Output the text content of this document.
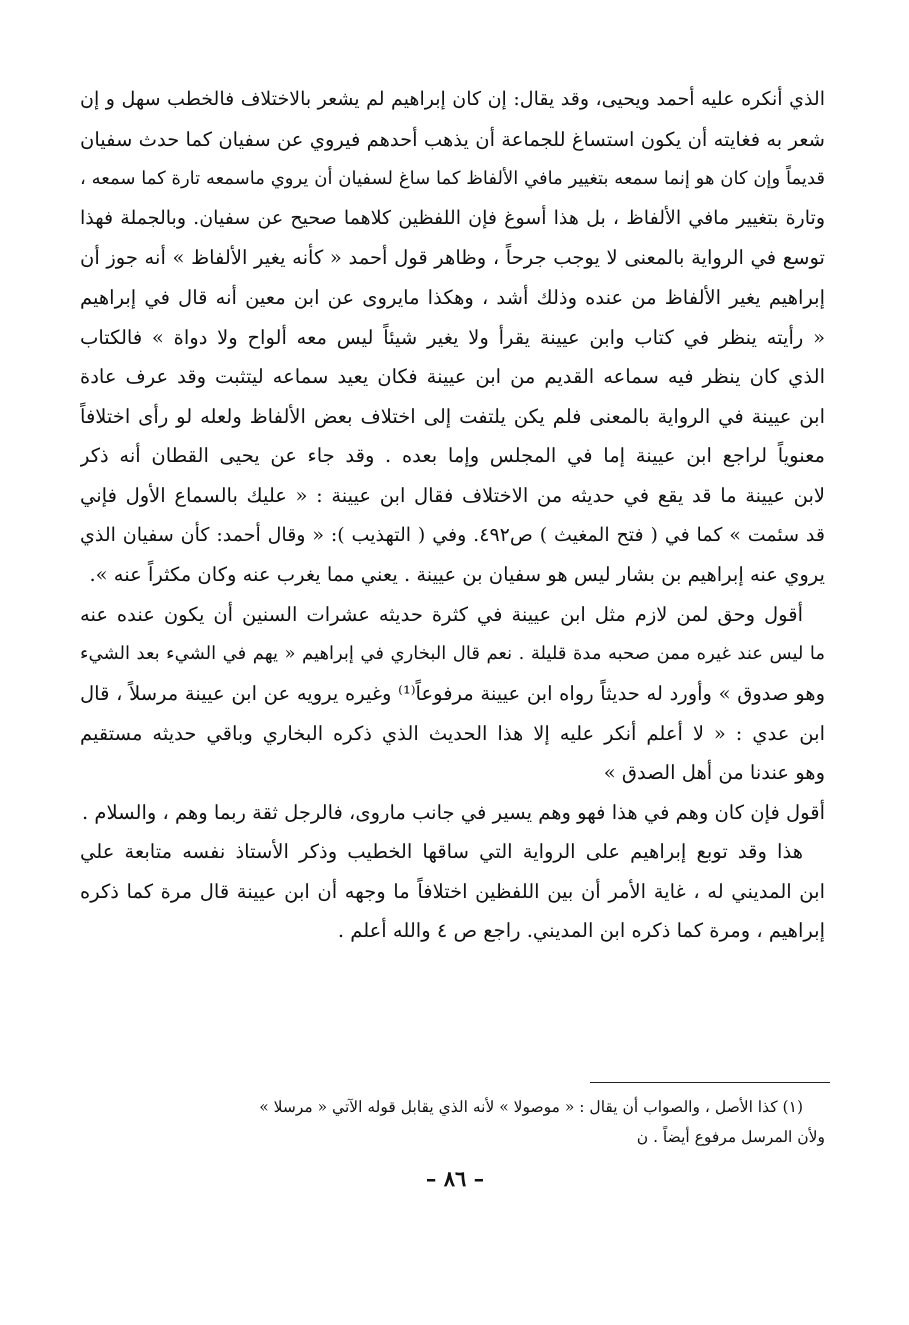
الذي أنكره عليه أحمد ويحيى، وقد يقال: إن كان إبراهيم لم يشعر بالاختلاف فالخطب سهل و إن
شعر به فغايته أن يكون استساغ للجماعة أن يذهب أحدهم فيروي عن سفيان كما حدث سفيان
قديماً وإن كان هو إنما سمعه بتغيير مافي الألفاظ كما ساغ لسفيان أن يروي ماسمعه تارة كما سمعه ،
وتارة بتغيير مافي الألفاظ ، بل هذا أسوغ فإن اللفظين كلاهما صحيح عن سفيان. وبالجملة فهذا
توسع في الرواية بالمعنى لا يوجب جرحاً ، وظاهر قول أحمد « كأنه يغير الألفاظ » أنه جوز أن
إبراهيم يغير الألفاظ من عنده وذلك أشد ، وهكذا مايروى عن ابن معين أنه قال في إبراهيم
« رأيته ينظر في كتاب وابن عيينة يقرأ ولا يغير شيئاً ليس معه ألواح ولا دواة » فالكتاب
الذي كان ينظر فيه سماعه القديم من ابن عيينة فكان يعيد سماعه ليتثبت وقد عرف عادة
ابن عيينة في الرواية بالمعنى فلم يكن يلتفت إلى اختلاف بعض الألفاظ ولعله لو رأى اختلافاً
معنوياً لراجع ابن عيينة إما في المجلس وإما بعده . وقد جاء عن يحيى القطان أنه ذكر
لابن عيينة ما قد يقع في حديثه من الاختلاف فقال ابن عيينة : « عليك بالسماع الأول فإني
قد سئمت » كما في ( فتح المغيث ) ص٤٩٢. وفي ( التهذيب ): « وقال أحمد: كأن سفيان الذي
يروي عنه إبراهيم بن بشار ليس هو سفيان بن عيينة . يعني مما يغرب عنه وكان مكثراً عنه ».
أقول وحق لمن لازم مثل ابن عيينة في كثرة حديثه عشرات السنين أن يكون عنده عنه
ما ليس عند غيره ممن صحبه مدة قليلة . نعم قال البخاري في إبراهيم « يهم في الشيء بعد الشيء
وهو صدوق » وأورد له حديثاً رواه ابن عيينة مرفوعاً⁽¹⁾ وغيره يرويه عن ابن عيينة مرسلاً ، قال
ابن عدي : « لا أعلم أنكر عليه إلا هذا الحديث الذي ذكره البخاري وباقي حديثه مستقيم
وهو عندنا من أهل الصدق »
أقول فإن كان وهم في هذا فهو وهم يسير في جانب ماروى، فالرجل ثقة ربما وهم ، والسلام .
هذا وقد توبع إبراهيم على الرواية التي ساقها الخطيب وذكر الأستاذ نفسه متابعة علي
ابن المديني له ، غاية الأمر أن بين اللفظين اختلافاً ما وجهه أن ابن عيينة قال مرة كما ذكره
إبراهيم ، ومرة كما ذكره ابن المديني. راجع ص ٤ والله أعلم .
(١) كذا الأصل ، والصواب أن يقال : « موصولا » لأنه الذي يقابل قوله الآتي « مرسلا »
ولأن المرسل مرفوع أيضاً . ن
– ٨٦ –
